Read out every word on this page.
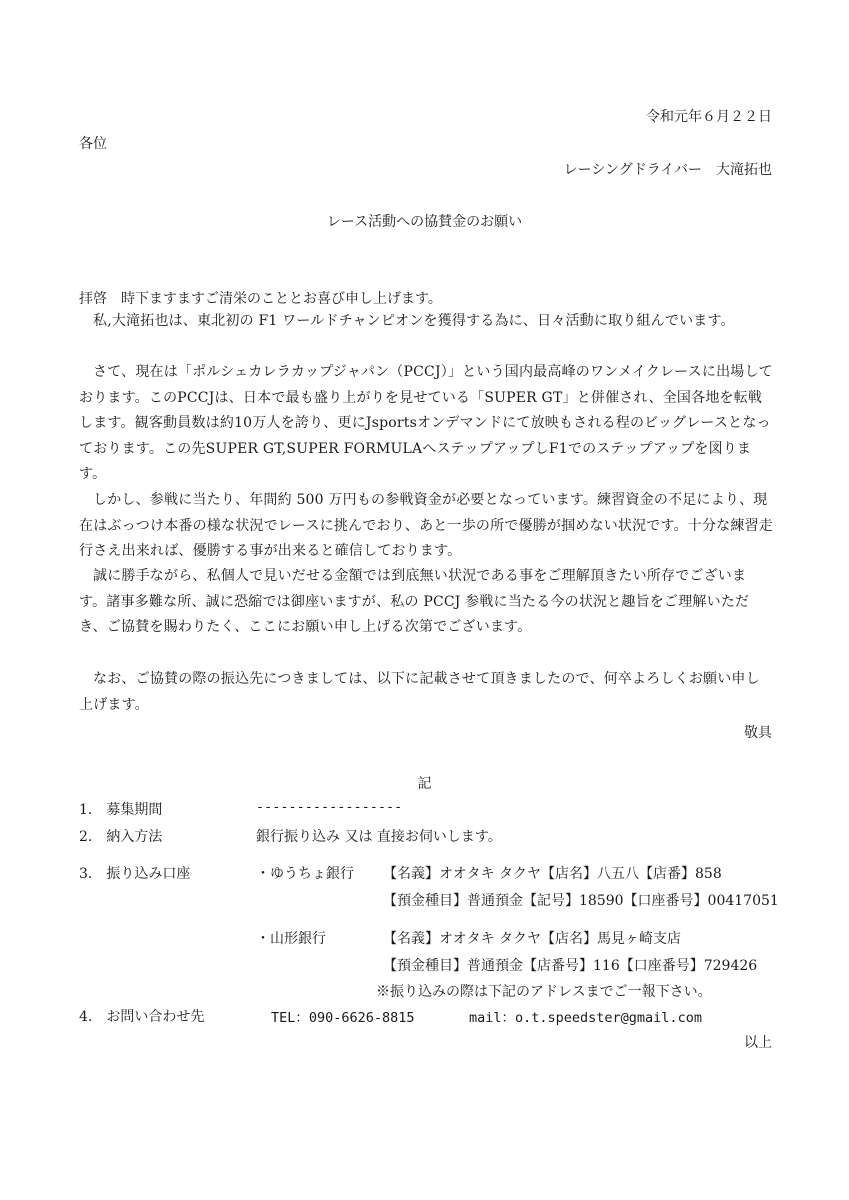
令和元年６月２２日
各位
レーシングドライバー　大滝拓也
レース活動への協賛金のお願い
拝啓　時下ますますご清栄のこととお喜び申し上げます。
私,大滝拓也は、東北初の F1 ワールドチャンピオンを獲得する為に、日々活動に取り組んでいます。
さて、現在は「ポルシェカレラカップジャパン（PCCJ）」という国内最高峰のワンメイクレースに出場しております。このPCCJは、日本で最も盛り上がりを見せている「SUPER GT」と併催され、全国各地を転戦します。観客動員数は約10万人を誇り、更にJsportsオンデマンドにて放映もされる程のビッグレースとなっております。この先SUPER GT,SUPER FORMULAへステップアップしF1でのステップアップを図ります。
しかし、参戦に当たり、年間約 500 万円もの参戦資金が必要となっています。練習資金の不足により、現在はぶっつけ本番の様な状況でレースに挑んでおり、あと一歩の所で優勝が掴めない状況です。十分な練習走行さえ出来れば、優勝する事が出来ると確信しております。
誠に勝手ながら、私個人で見いだせる金額では到底無い状況である事をご理解頂きたい所存でございます。諸事多難な所、誠に恐縮では御座いますが、私の PCCJ 参戦に当たる今の状況と趣旨をご理解いただき、ご協賛を賜わりたく、ここにお願い申し上げる次第でございます。
なお、ご協賛の際の振込先につきましては、以下に記載させて頂きましたので、何卒よろしくお願い申し上げます。
敬具
記
1.　募集期間	------------------
2.　納入方法	銀行振り込み 又は 直接お伺いします。
3.　振り込み口座	・ゆうちょ銀行 【名義】オオタキ タクヤ【店名】八五八【店番】858
【預金種目】普通預金【記号】18590【口座番号】00417051
・山形銀行	【名義】オオタキ タクヤ【店名】馬見ヶ崎支店
【預金種目】普通預金【店番号】116【口座番号】729426
※振り込みの際は下記のアドレスまでご一報下さい。
4.　お問い合わせ先	TEL：090-6626-8815	mail：o.t.speedster@gmail.com
以上
